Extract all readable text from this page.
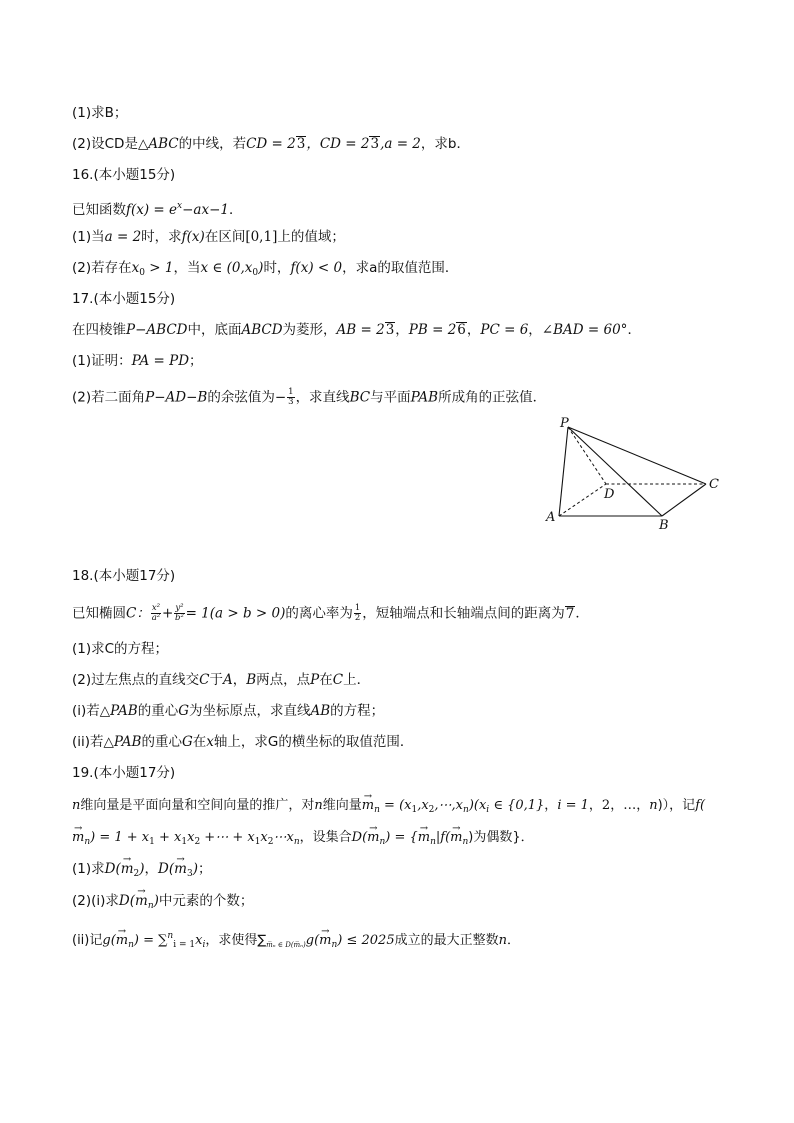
(1)求B；
(2)设CD是△ABC的中线，若CD = 23，CD = 23,a = 2，求b．
16.(本小题15分)
已知函数$f(x) = e^x-ax-1$．
(1)当a = 2时，求f(x)在区间[0,1]上的值域；
(2)若存在$x_0 > 1$，当x ∈ $(0,x_0)$时，f(x) < 0，求a的取值范围．
17.(本小题15分)
在四棱锥P−ABCD中，底面ABCD为菱形，AB = 23，PB = 26，PC = 6，∠BAD = 60°．
(1)证明：PA = PD；
(2)若二面角P−AD−B的余弦值为− $\frac{1}{3}$ ，求直线BC与平面PAB所成角的正弦值．
P
A
B
C
D
18.(本小题17分)
已知椭圆C： $\frac{\text{x²}}{\text{a²}} + \frac{\text{y²}}{\text{b²}} = 1(a > b > 0)$的离心率为 $\frac{1}{2}$ ，短轴端点和长轴端点间的距离为7．
(1)求C的方程；
(2)过左焦点的直线交C于A，B两点，点P在C上．
(i)若△PAB的重心G为坐标原点，求直线AB的方程；
(ii)若△PAB的重心G在x轴上，求G的横坐标的取值范围．
19.(本小题17分)
n维向量是平面向量和空间向量的推广，对n维向量→ $m_n$ = $(x_1,x_2,\cdots,x_n)(x_i$ ∈ {0,1}，i = 1，2，…，n)），记f(
→ $m_n) = 1 + x_1 + x_1x_2$ +⋯ + $x_1x_2\cdots x_n$，设集合$D(\to m_n)$ = {→ $m_n|f(\to m_n)$为偶数}．
(1)求$D(\to m_2)$，$D(\to m_3)$；
(2)(i)求$D(\to m_n)$中元素的个数；
(ii)记$g(\to m_n) = \sum^n_{i = 1}x_i$，求使得$\sum_{m̅_n \in D(m̅_n)}g(\to m_n) \le 2025$成立的最大正整数n．
